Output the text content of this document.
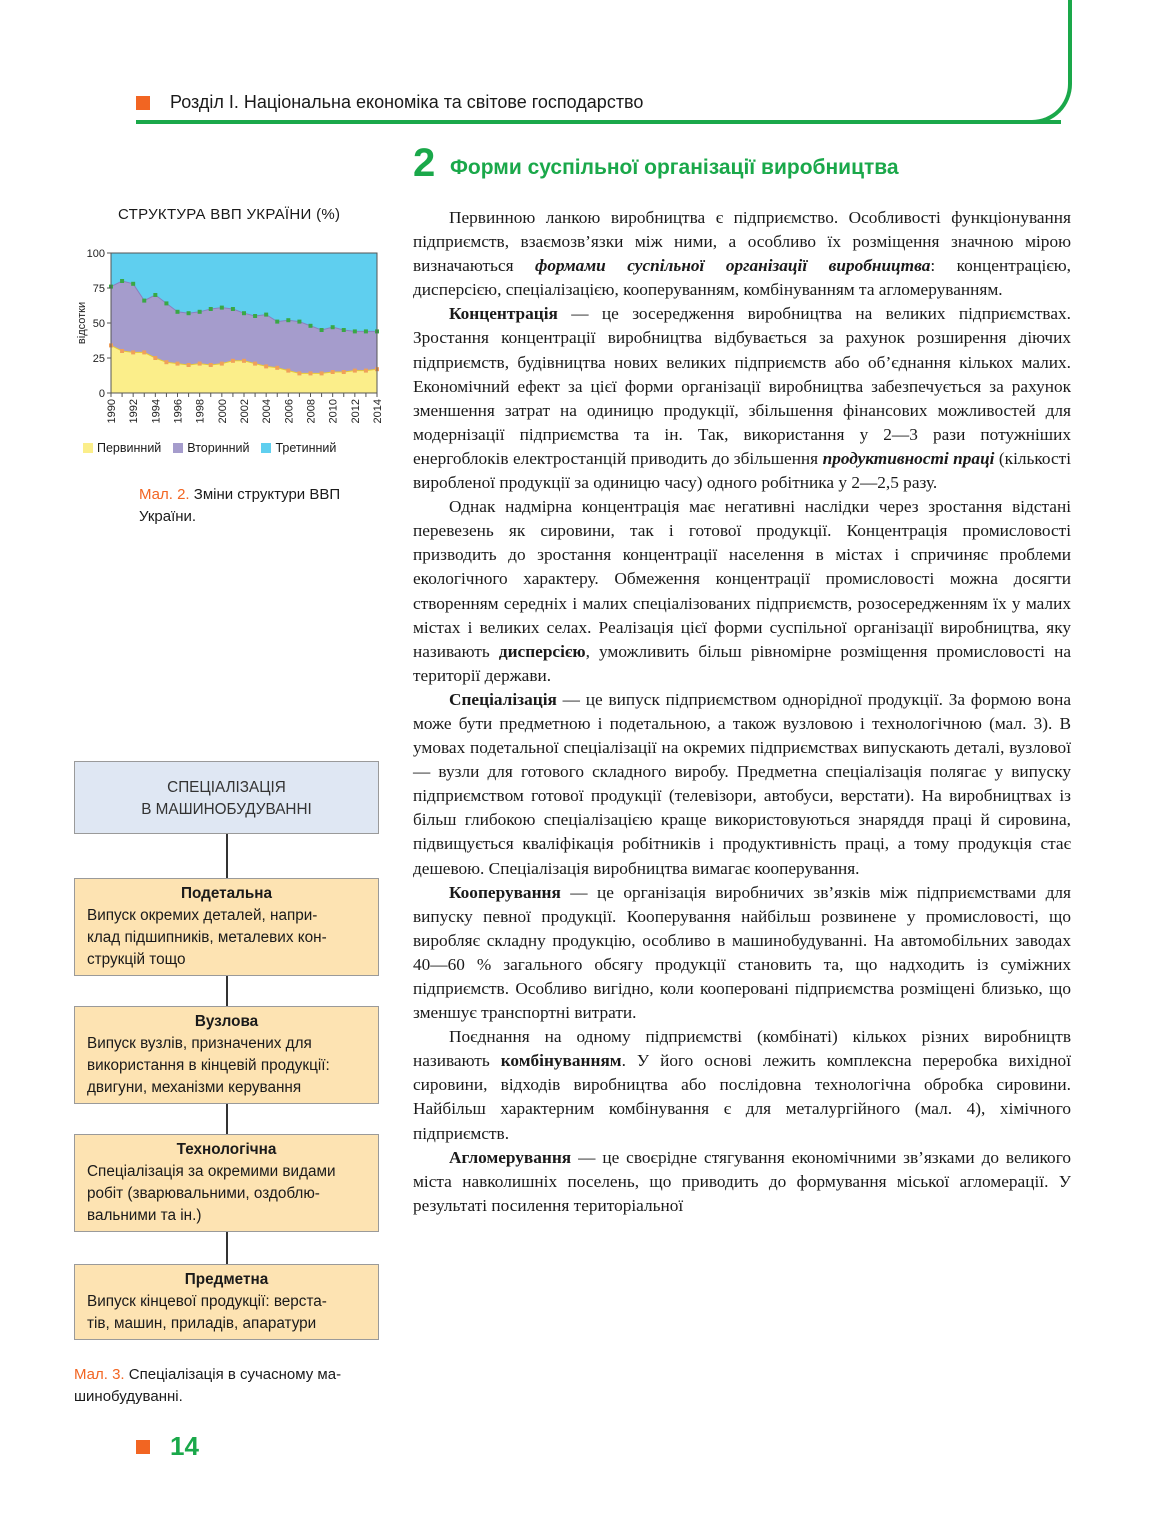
Розділ І. Національна економіка та світове господарство
2 Форми суспільної організації виробництва
СТРУКТУРА ВВП УКРАЇНИ (%)
0
25
50
75
100
відсотки
1990 1992 1994 1996 1998 2000 2002 2004 2006 2008 2010 2012 2014
Первинний	Вторинний	Третинний
Мал. 2. Зміни структури ВВП України.
СПЕЦІАЛІЗАЦІЯ
В МАШИНОБУДУВАННІ
Подетальна
Випуск окремих деталей, напри-
клад підшипників, металевих кон-
струкцій тощо
Вузлова
Випуск вузлів, призначених для
використання в кінцевій продукції:
двигуни, механізми керування
Технологічна
Спеціалізація за окремими видами
робіт (зварювальними, оздоблю-
вальними та ін.)
Предметна
Випуск кінцевої продукції: верста-
тів, машин, приладів, апаратури
Мал. 3. Спеціалізація в сучасному ма-
шинобудуванні.
14

Первинною ланкою виробництва є підприємство. Особливості функціонування підприємств, взаємозв’язки між ними, а особливо їх розміщення значною мірою визначаються формами суспільної організації виробництва: концентрацією, дисперсією, спеціалізацією, кооперуванням, комбінуванням та агломеруванням.

Концентрація — це зосередження виробництва на великих підприємствах. Зростання концентрації виробництва відбувається за рахунок розширення діючих підприємств, будівництва нових великих підприємств або об’єднання кількох малих. Економічний ефект за цієї форми організації виробництва забезпечується за рахунок зменшення затрат на одиницю продукції, збільшення фінансових можливостей для модернізації підприємства та ін. Так, використання у 2—3 рази потужніших енергоблоків електростанцій приводить до збільшення продуктивності праці (кількості виробленої продукції за одиницю часу) одного робітника у 2—2,5 разу.

Однак надмірна концентрація має негативні наслідки через зростання відстані перевезень як сировини, так і готової продукції. Концентрація промисловості призводить до зростання концентрації населення в містах і спричиняє проблеми екологічного характеру. Обмеження концентрації промисловості можна досягти створенням середніх і малих спеціалізованих підприємств, розосередженням їх у малих містах і великих селах. Реалізація цієї форми суспільної організації виробництва, яку називають дисперсією, уможливить більш рівномірне розміщення промисловості на території держави.

Спеціалізація — це випуск підприємством однорідної продукції. За формою вона може бути предметною і подетальною, а також вузловою і технологічною (мал. 3). В умовах подетальної спеціалізації на окремих підприємствах випускають деталі, вузлової — вузли для готового складного виробу. Предметна спеціалізація полягає у випуску підприємством готової продукції (телевізори, автобуси, верстати). На виробництвах із більш глибокою спеціалізацією краще використовуються знаряддя праці й сировина, підвищується кваліфікація робітників і продуктивність праці, а тому продукція стає дешевою. Спеціалізація виробництва вимагає кооперування.

Кооперування — це організація виробничих зв’язків між підприємствами для випуску певної продукції. Кооперування найбільш розвинене у промисловості, що виробляє складну продукцію, особливо в машинобудуванні. На автомобільних заводах 40—60 % загального обсягу продукції становить та, що надходить із суміжних підприємств. Особливо вигідно, коли кооперовані підприємства розміщені близько, що зменшує транспортні витрати.

Поєднання на одному підприємстві (комбінаті) кількох різних виробництв називають комбінуванням. У його основі лежить комплексна переробка вихідної сировини, відходів виробництва або послідовна технологічна обробка сировини. Найбільш характерним комбінування є для металургійного (мал. 4), хімічного підприємств.

Агломерування — це своєрідне стягування економічними зв’язками до великого міста навколишніх поселень, що приводить до формування міської агломерації. У результаті посилення територіальної
